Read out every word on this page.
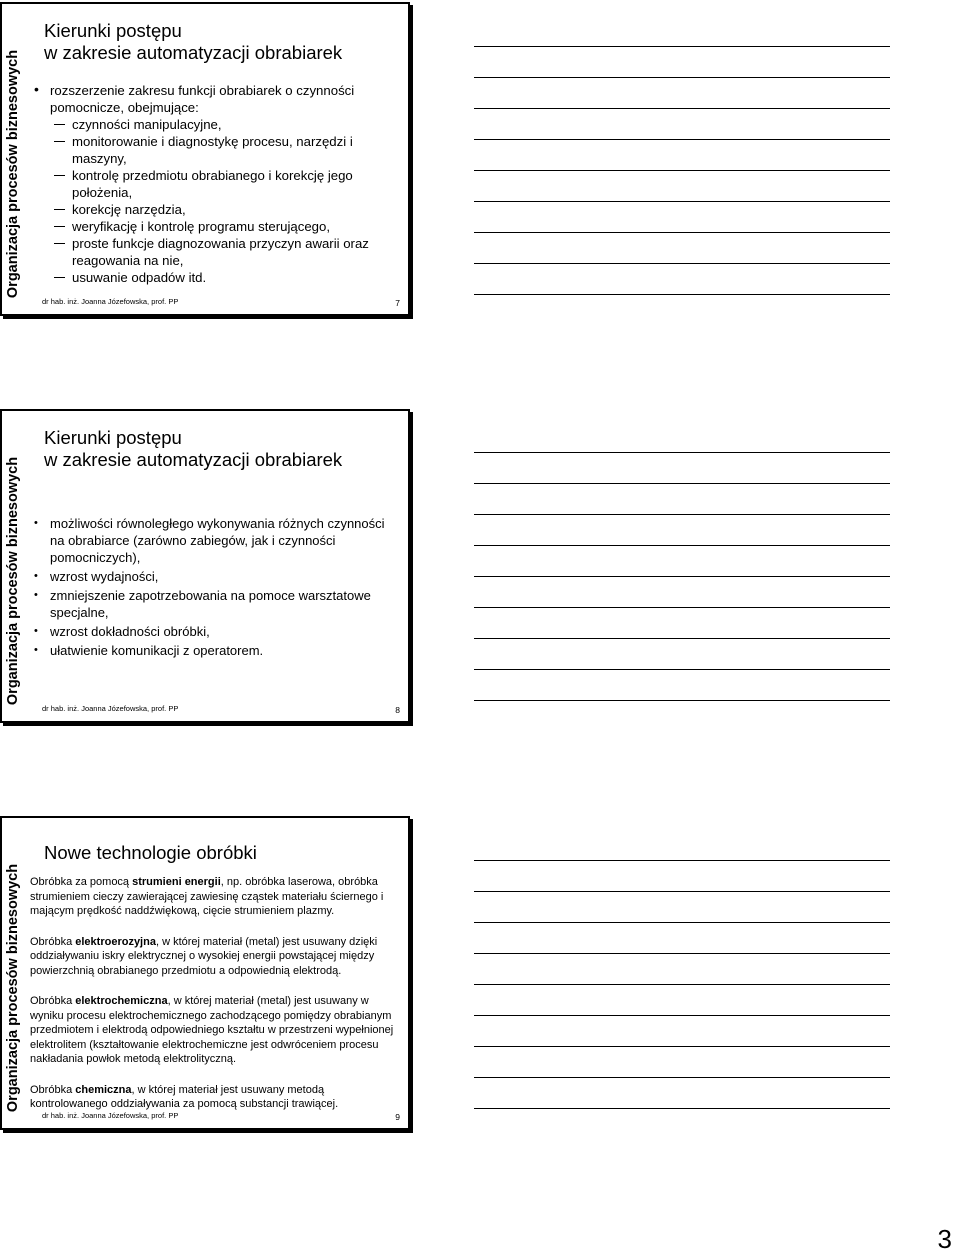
Organizacja procesów biznesowych
Kierunki postępu
w zakresie automatyzacji obrabiarek
• rozszerzenie zakresu funkcji obrabiarek o czynności pomocnicze, obejmujące:
czynności manipulacyjne,
monitorowanie i diagnostykę procesu, narzędzi i maszyny,
kontrolę przedmiotu obrabianego i korekcję jego położenia,
korekcję narzędzia,
weryfikację i kontrolę programu sterującego,
proste funkcje diagnozowania przyczyn awarii oraz reagowania na nie,
usuwanie odpadów itd.
dr hab. inż. Joanna Józefowska, prof. PP	7
Organizacja procesów biznesowych
Kierunki postępu
w zakresie automatyzacji obrabiarek
• możliwości równoległego wykonywania różnych czynności na obrabiarce (zarówno zabiegów, jak i czynności pomocniczych),
• wzrost wydajności,
• zmniejszenie zapotrzebowania na pomoce warsztatowe specjalne,
• wzrost dokładności obróbki,
• ułatwienie komunikacji z operatorem.
dr hab. inż. Joanna Józefowska, prof. PP	8
Organizacja procesów biznesowych
Nowe technologie obróbki

Obróbka za pomocą strumieni energii, np. obróbka laserowa, obróbka strumieniem cieczy zawierającej zawiesinę cząstek materiału ściernego i mającym prędkość naddźwiękową, cięcie strumieniem plazmy.

Obróbka elektroerozyjna, w której materiał (metal) jest usuwany dzięki oddziaływaniu iskry elektrycznej o wysokiej energii powstającej między powierzchnią obrabianego przedmiotu a odpowiednią elektrodą.

Obróbka elektrochemiczna, w której materiał (metal) jest usuwany w wyniku procesu elektrochemicznego zachodzącego pomiędzy obrabianym przedmiotem i elektrodą odpowiedniego kształtu w przestrzeni wypełnionej elektrolitem (kształtowanie elektrochemiczne jest odwróceniem procesu nakładania powłok metodą elektrolityczną.

Obróbka chemiczna, w której materiał jest usuwany metodą kontrolowanego oddziaływania za pomocą substancji trawiącej.

dr hab. inż. Joanna Józefowska, prof. PP	9
3
